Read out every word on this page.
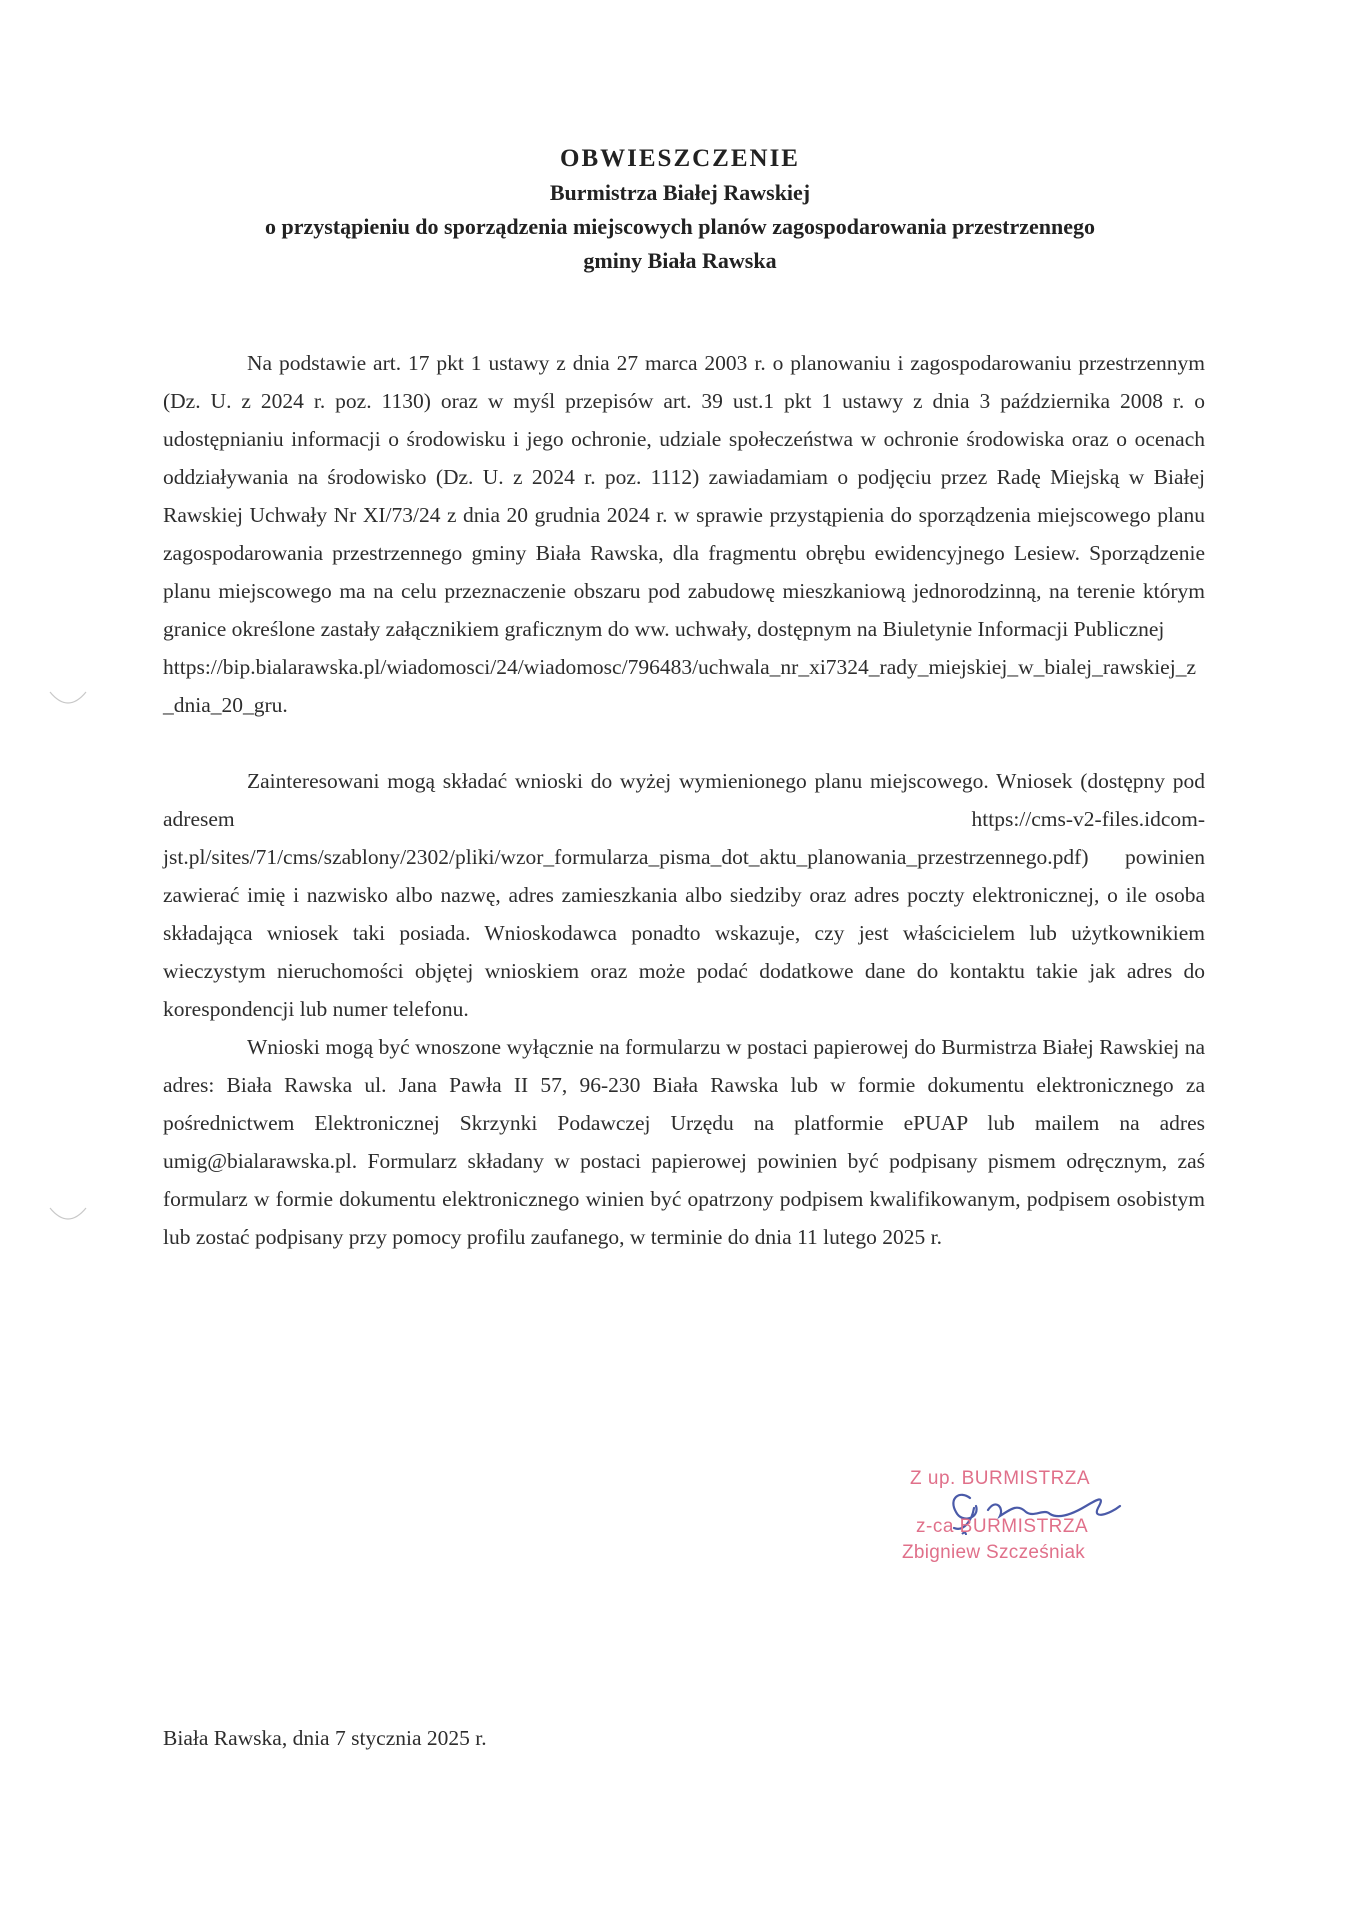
OBWIESZCZENIE
Burmistrza Białej Rawskiej
o przystąpieniu do sporządzenia miejscowych planów zagospodarowania przestrzennego
gminy Biała Rawska

Na podstawie art. 17 pkt 1 ustawy z dnia 27 marca 2003 r. o planowaniu i zagospodarowaniu przestrzennym (Dz. U. z 2024 r. poz. 1130) oraz w myśl przepisów art. 39 ust.1 pkt 1 ustawy z dnia 3 października 2008 r. o udostępnianiu informacji o środowisku i jego ochronie, udziale społeczeństwa w ochronie środowiska oraz o ocenach oddziaływania na środowisko (Dz. U. z 2024 r. poz. 1112) zawiadamiam o podjęciu przez Radę Miejską w Białej Rawskiej Uchwały Nr XI/73/24 z dnia 20 grudnia 2024 r. w sprawie przystąpienia do sporządzenia miejscowego planu zagospodarowania przestrzennego gminy Biała Rawska, dla fragmentu obrębu ewidencyjnego Lesiew. Sporządzenie planu miejscowego ma na celu przeznaczenie obszaru pod zabudowę mieszkaniową jednorodzinną, na terenie którym granice określone zastały załącznikiem graficznym do ww. uchwały, dostępnym na Biuletynie Informacji Publicznej

https://bip.bialarawska.pl/wiadomosci/24/wiadomosc/796483/uchwala_nr_xi7324_rady_miejskiej_w_bialej_rawskiej_z_dnia_20_gru.

Zainteresowani mogą składać wnioski do wyżej wymienionego planu miejscowego. Wniosek (dostępny pod adresem https://cms-v2-files.idcom-jst.pl/sites/71/cms/szablony/2302/pliki/wzor_formularza_pisma_dot_aktu_planowania_przestrzennego.pdf) powinien zawierać imię i nazwisko albo nazwę, adres zamieszkania albo siedziby oraz adres poczty elektronicznej, o ile osoba składająca wniosek taki posiada. Wnioskodawca ponadto wskazuje, czy jest właścicielem lub użytkownikiem wieczystym nieruchomości objętej wnioskiem oraz może podać dodatkowe dane do kontaktu takie jak adres do korespondencji lub numer telefonu.

Wnioski mogą być wnoszone wyłącznie na formularzu w postaci papierowej do Burmistrza Białej Rawskiej na adres: Biała Rawska ul. Jana Pawła II 57, 96-230 Biała Rawska lub w formie dokumentu elektronicznego za pośrednictwem Elektronicznej Skrzynki Podawczej Urzędu na platformie ePUAP lub mailem na adres umig@bialarawska.pl. Formularz składany w postaci papierowej powinien być podpisany pismem odręcznym, zaś formularz w formie dokumentu elektronicznego winien być opatrzony podpisem kwalifikowanym, podpisem osobistym lub zostać podpisany przy pomocy profilu zaufanego, w terminie do dnia 11 lutego 2025 r.

Z up. BURMISTRZA
z-ca BURMISTRZA
Zbigniew Szcześniak
Biała Rawska, dnia 7 stycznia 2025 r.
